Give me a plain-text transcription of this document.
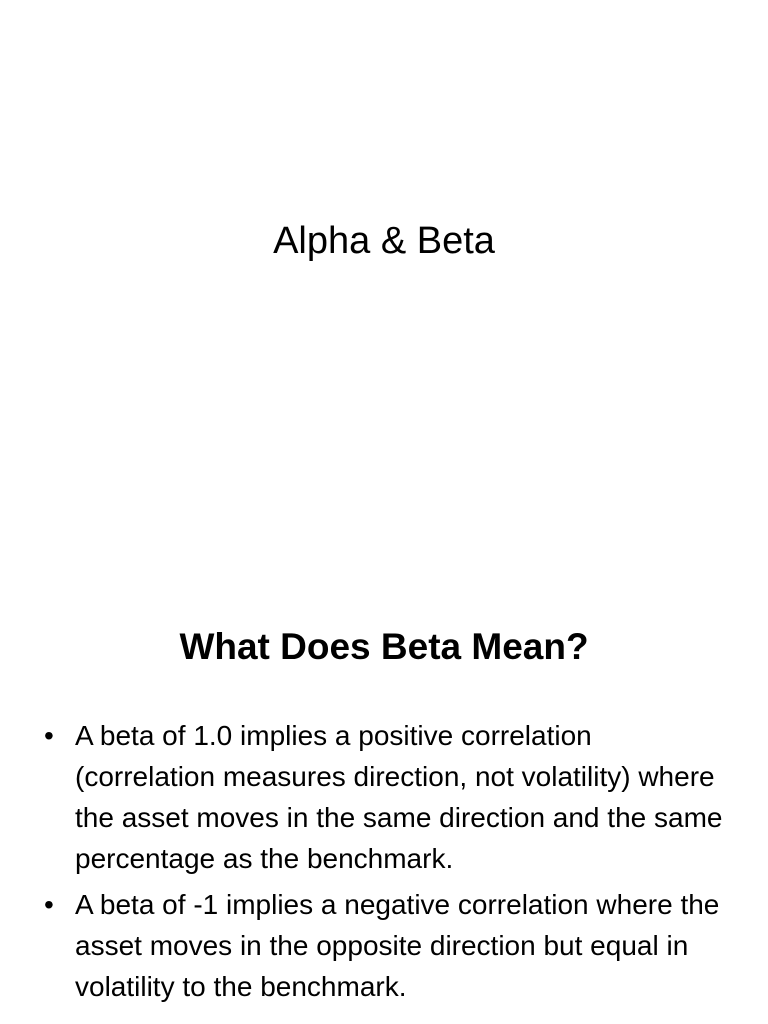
Alpha & Beta
What Does Beta Mean?
• A beta of 1.0 implies a positive correlation (correlation measures direction, not volatility) where the asset moves in the same direction and the same percentage as the benchmark.
• A beta of -1 implies a negative correlation where the asset moves in the opposite direction but equal in volatility to the benchmark.
